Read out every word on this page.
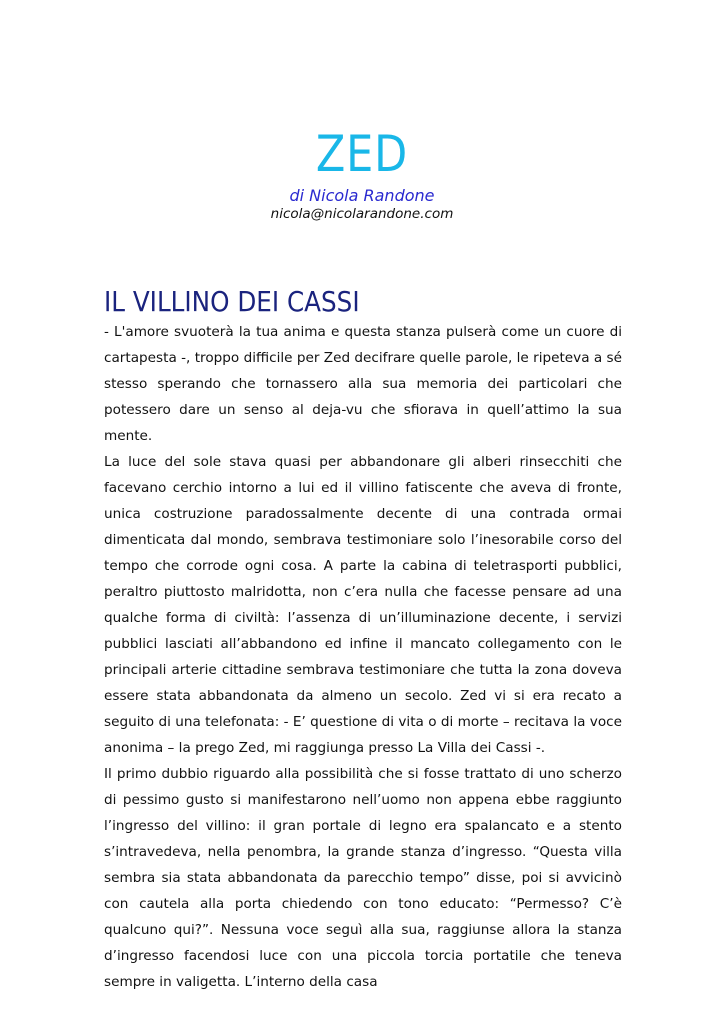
ZED
di Nicola Randone
nicola@nicolarandone.com
IL VILLINO DEI CASSI

- L'amore svuoterà la tua anima e questa stanza pulserà come un cuore di cartapesta -, troppo difficile per Zed decifrare quelle parole, le ripeteva a sé stesso sperando che tornassero alla sua memoria dei particolari che potessero dare un senso al deja-vu che sfiorava in quell’attimo la sua mente.

La luce del sole stava quasi per abbandonare gli alberi rinsecchiti che facevano cerchio intorno a lui ed il villino fatiscente che aveva di fronte, unica costruzione paradossalmente decente di una contrada ormai dimenticata dal mondo, sembrava testimoniare solo l’inesorabile corso del tempo che corrode ogni cosa. A parte la cabina di teletrasporti pubblici, peraltro piuttosto malridotta, non c’era nulla che facesse pensare ad una qualche forma di civiltà: l’assenza di un’illuminazione decente, i servizi pubblici lasciati all’abbandono ed infine il mancato collegamento con le principali arterie cittadine sembrava testimoniare che tutta la zona doveva essere stata abbandonata da almeno un secolo. Zed vi si era recato a seguito di una telefonata: - E’ questione di vita o di morte – recitava la voce anonima – la prego Zed, mi raggiunga presso La Villa dei Cassi -.

Il primo dubbio riguardo alla possibilità che si fosse trattato di uno scherzo di pessimo gusto si manifestarono nell’uomo non appena ebbe raggiunto l’ingresso del villino: il gran portale di legno era spalancato e a stento s’intravedeva, nella penombra, la grande stanza d’ingresso. “Questa villa sembra sia stata abbandonata da parecchio tempo” disse, poi si avvicinò con cautela alla porta chiedendo con tono educato: “Permesso? C’è qualcuno qui?”. Nessuna voce seguì alla sua, raggiunse allora la stanza d’ingresso facendosi luce con una piccola torcia portatile che teneva sempre in valigetta. L’interno della casa
